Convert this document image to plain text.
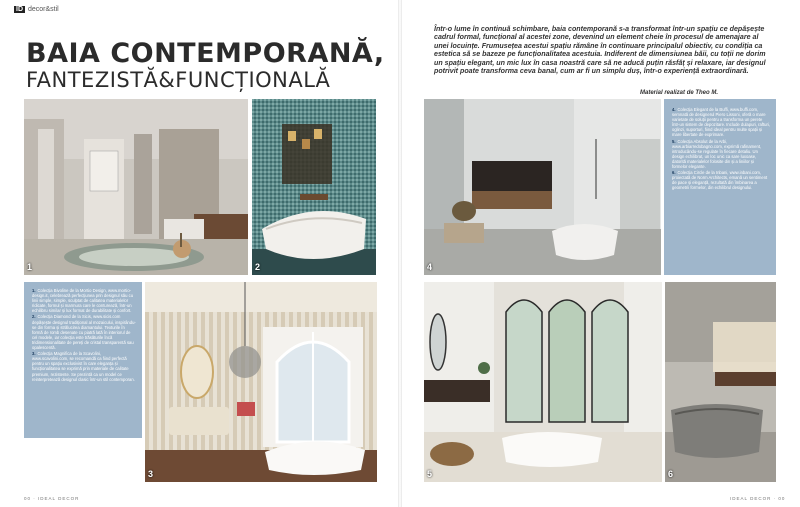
ID decor&stil
BAIA CONTEMPORANĂ,
FANTEZISTĂ&FUNCȚIONALĂ
Într-o lume în continuă schimbare, baia contemporană s-a transformat într-un spațiu ce depășește cadrul formal, funcțional al acestei zone, devenind un element cheie în procesul de amenajare al unei locuințe. Frumusețea acestui spațiu rămâne în continuare principalul obiectiv, cu condiția ca estetica să se bazeze pe funcționalitatea acestuia. Indiferent de dimensiunea băii, cu toții ne dorim un spațiu elegant, un mic lux în casa noastră care să ne aducă puțin răsfăț și relaxare, iar designul potrivit poate transforma ceva banal, cum ar fi un simplu duș, într-o experiență extraordinară.
Material realizat de Theo M.
1	2
1. Colecția Bivoline de la Mortio Design, www.mortio-design.it, celebrează perfecțiunea prin designul său cu linii simple, simple, sculptat de calitatea materialelor ridicate, formul și marmura care le conturează, într-un echilibru similar și lux format de durabilitate și confort.
2. Colecția Diamond de la Sicis, www.sicis.com depășește designul tradițional al mozaicului, inspirându-se din forma și strălucirea diamantului. Texturile în formă de romb desenate cu piatră lată în interiorul de cel modele, iar colecția este trăsăturile încă tridimensionalitate de pereți de cristal transparentă sau opalescentă.
3. Colecția Magnifica de la Scavolini, www.scavolini.com, se recomandă ca fiind perfectă pentru un spațiu exclusivist în care eleganța și funcționalitatea se exprimă prin materiale de calitate premium, rezistente. Se prezintă ca un model ce reinterpretează designul clasic într-un stil contemporan.
3
4
4. Colecția Elegant de la Buffi, www.buffi.com, semnată de designerul Piero Lissoni, oferă o mare varietate de soluții pentru a transforma un perete într-un sistem de depozitare. Include dulapuri, rafturi, oglinzi, suporturi, fiind ideal pentru multe spații și mare libertate de exprimare.
5. Colecția Absolut de la Arbi, www.arbiarredobagno.com, exprimă rafinament, introducându-se regulate în fiecare detaliu. Un design echilibrat, un loc unic ca sare luxoase, datorită materialelor folosite din și a liniilor și formelor elegante.
6. Colecția Circle de la Inbani, www.inbani.com, proiectată de Norm Architects, emană un sentiment de pace și eleganță, rezultată din îmbinarea a geometrii formelor, din echilibrul designului.
5	6
00 · IDEAL DECOR	IDEAL DECOR · 00
